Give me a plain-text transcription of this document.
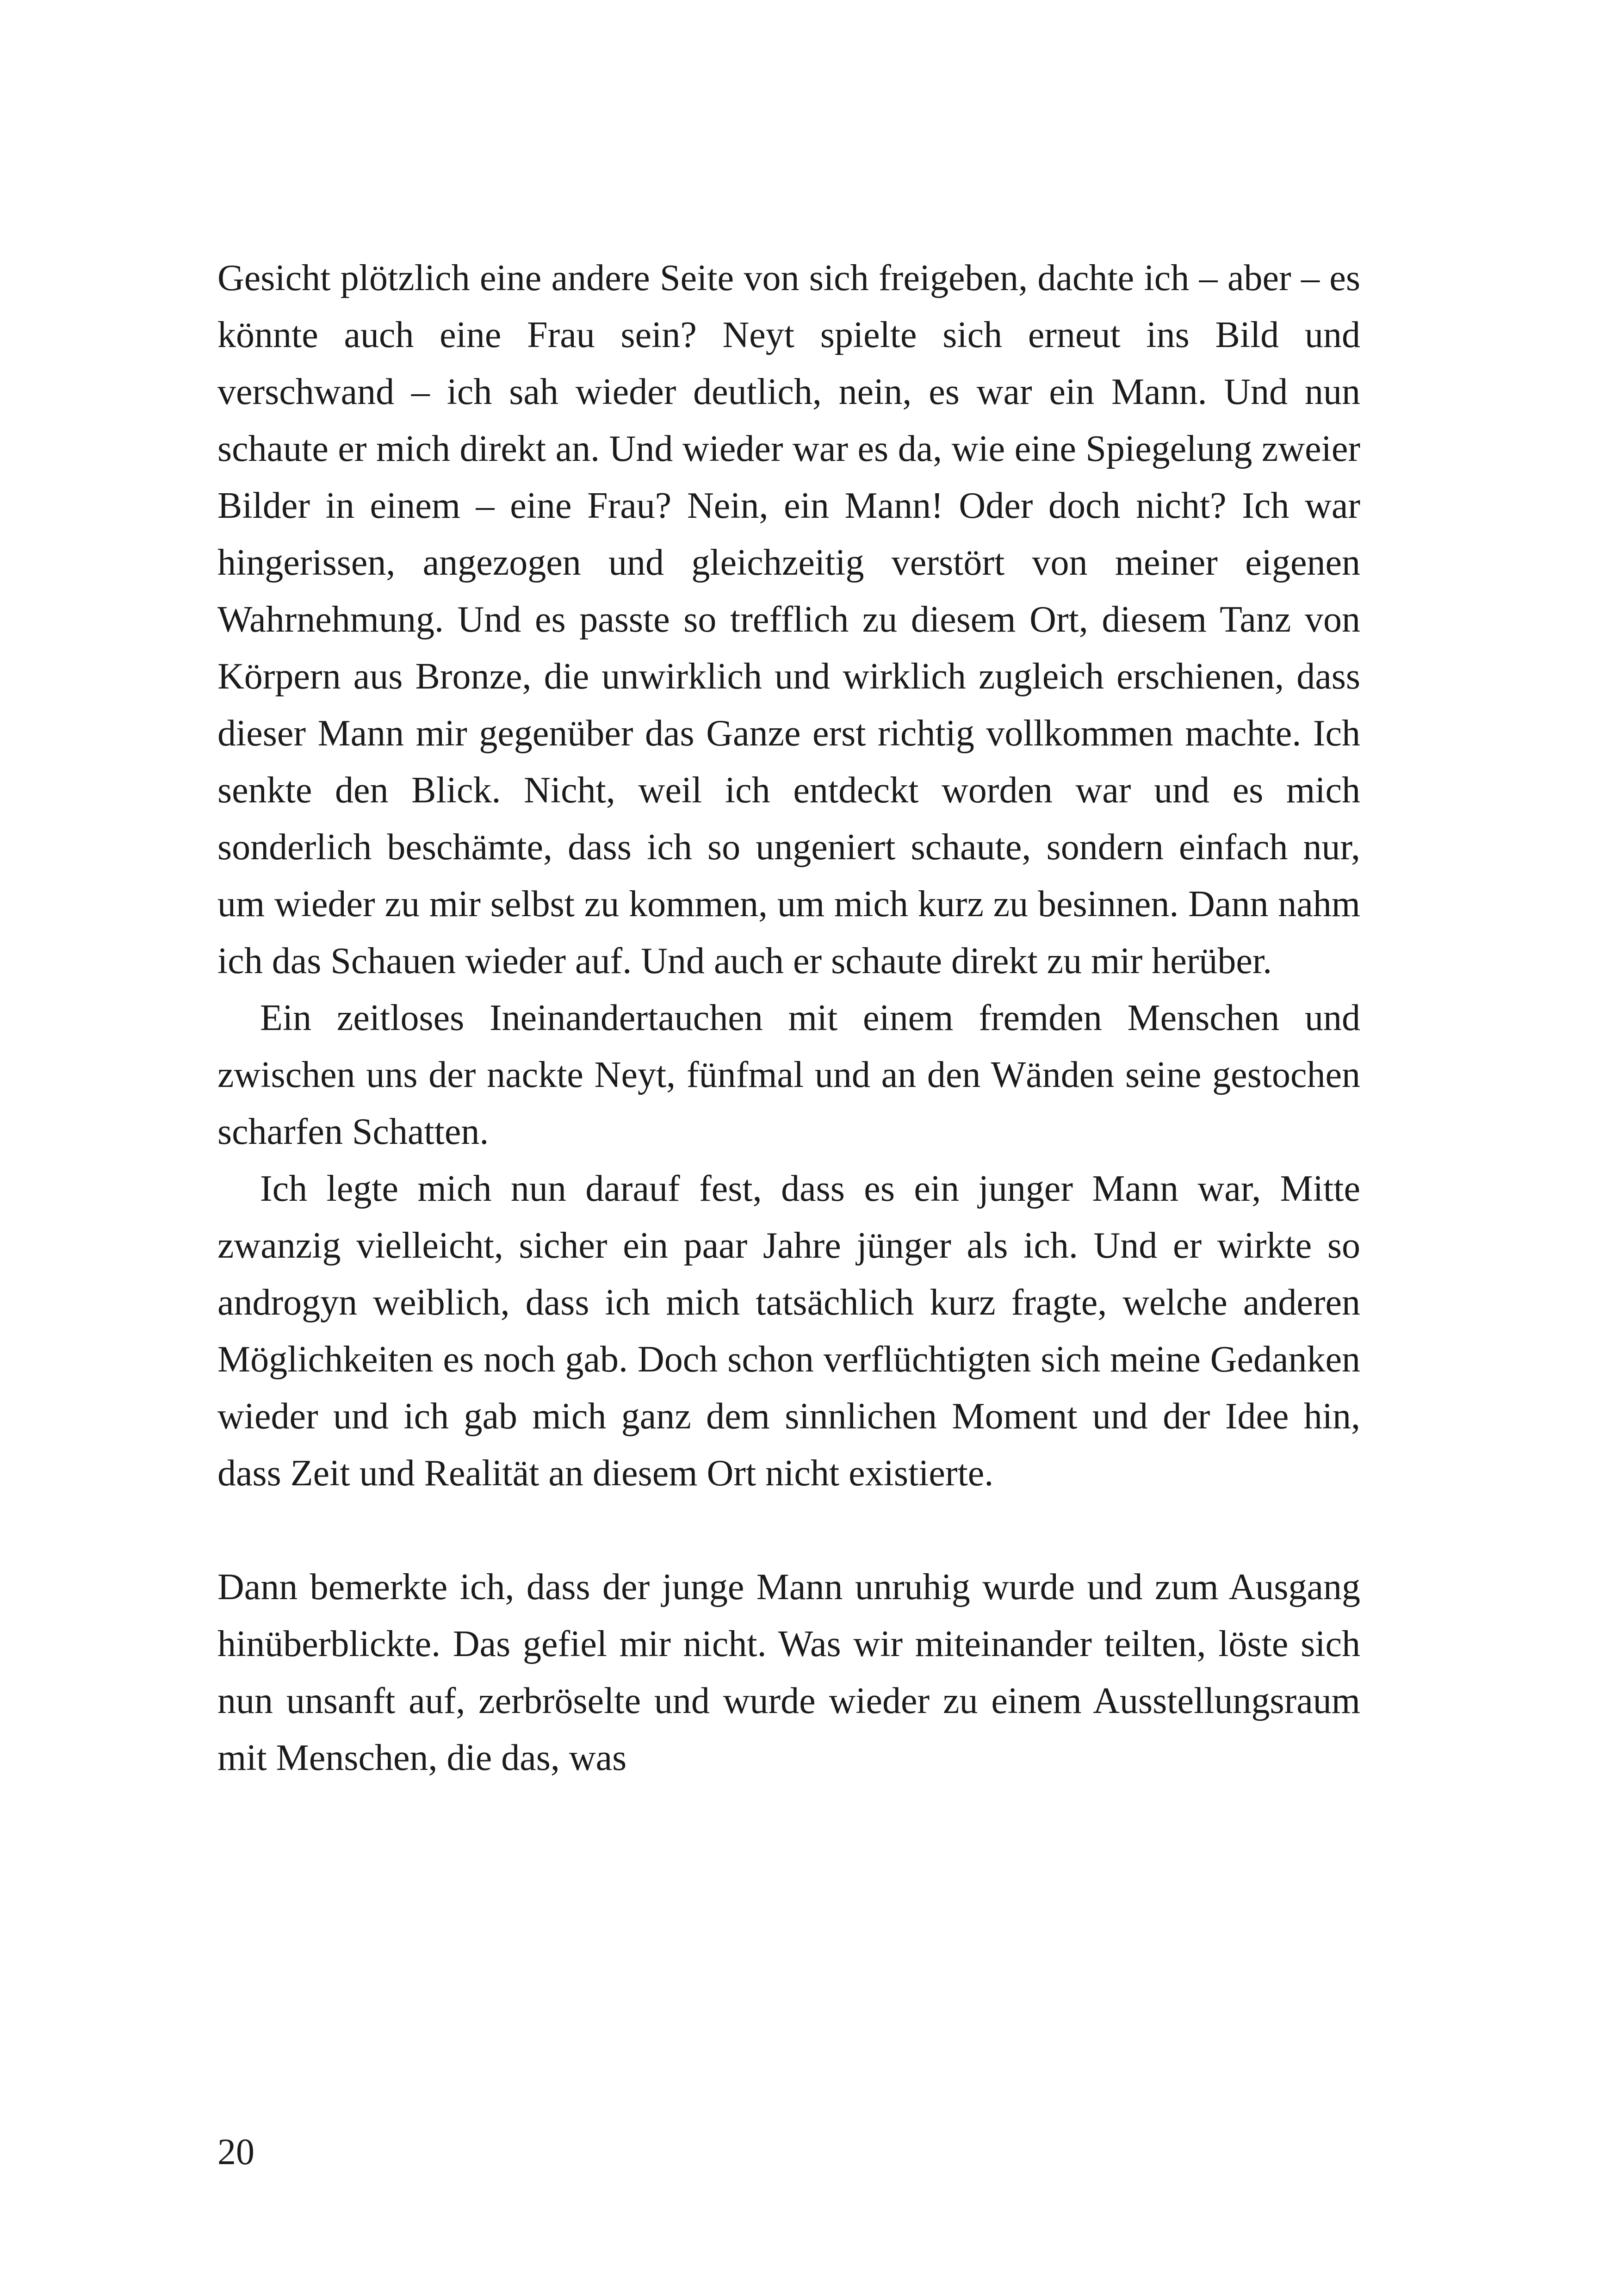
Gesicht plötzlich eine andere Seite von sich freigeben, dachte ich – aber – es könnte auch eine Frau sein? Neyt spielte sich erneut ins Bild und verschwand – ich sah wieder deutlich, nein, es war ein Mann. Und nun schaute er mich direkt an. Und wieder war es da, wie eine Spiegelung zweier Bilder in einem – eine Frau? Nein, ein Mann! Oder doch nicht? Ich war hingerissen, angezogen und gleichzeitig verstört von meiner eigenen Wahrnehmung. Und es passte so trefflich zu diesem Ort, diesem Tanz von Körpern aus Bronze, die unwirklich und wirklich zugleich erschienen, dass dieser Mann mir gegenüber das Ganze erst richtig vollkommen machte. Ich senkte den Blick. Nicht, weil ich entdeckt worden war und es mich sonderlich beschämte, dass ich so ungeniert schaute, sondern einfach nur, um wieder zu mir selbst zu kommen, um mich kurz zu besinnen. Dann nahm ich das Schauen wieder auf. Und auch er schaute direkt zu mir herüber.

Ein zeitloses Ineinandertauchen mit einem fremden Menschen und zwischen uns der nackte Neyt, fünfmal und an den Wänden seine gestochen scharfen Schatten.

Ich legte mich nun darauf fest, dass es ein junger Mann war, Mitte zwanzig vielleicht, sicher ein paar Jahre jünger als ich. Und er wirkte so androgyn weiblich, dass ich mich tatsächlich kurz fragte, welche anderen Möglichkeiten es noch gab. Doch schon verflüchtigten sich meine Gedanken wieder und ich gab mich ganz dem sinnlichen Moment und der Idee hin, dass Zeit und Realität an diesem Ort nicht existierte.

Dann bemerkte ich, dass der junge Mann unruhig wurde und zum Ausgang hinüberblickte. Das gefiel mir nicht. Was wir miteinander teilten, löste sich nun unsanft auf, zerbröselte und wurde wieder zu einem Ausstellungsraum mit Menschen, die das, was

20
